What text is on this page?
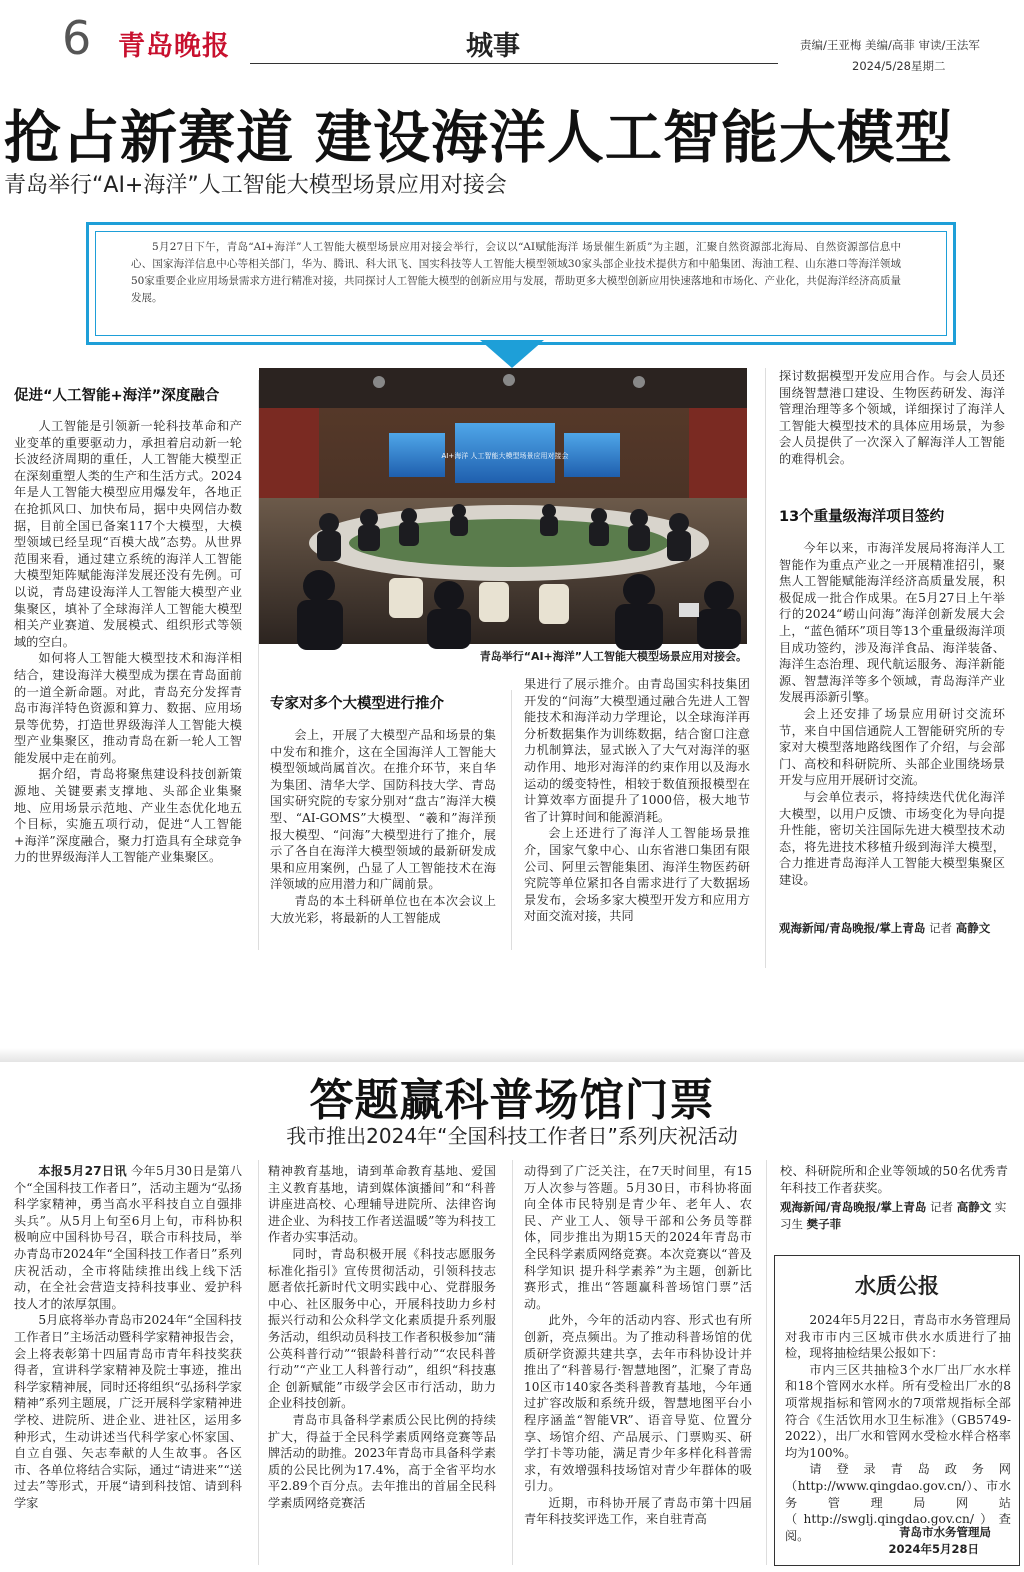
6 青岛晚报	城事	责编/王亚梅 美编/高菲 审读/王法军
2024/5/28星期二
抢占新赛道 建设海洋人工智能大模型
青岛举行“AI+海洋”人工智能大模型场景应用对接会
5月27日下午，青岛“AI+海洋”人工智能大模型场景应用对接会举行，会议以“AI赋能海洋 场景催生新质”为主题，汇聚自然资源部北海局、自然资源部信息中心、国家海洋信息中心等相关部门，华为、腾讯、科大讯飞、国实科技等人工智能大模型领域30家头部企业技术提供方和中船集团、海油工程、山东港口等海洋领域50家重要企业应用场景需求方进行精准对接，共同探讨人工智能大模型的创新应用与发展，帮助更多大模型创新应用快速落地和市场化、产业化，共促海洋经济高质量发展。
促进“人工智能+海洋”深度融合

人工智能是引领新一轮科技革命和产业变革的重要驱动力，承担着启动新一轮长波经济周期的重任，人工智能大模型正在深刻重塑人类的生产和生活方式。2024年是人工智能大模型应用爆发年，各地正在抢抓风口、加快布局，据中央网信办数据，目前全国已备案117个大模型，大模型领域已经呈现“百模大战”态势。从世界范围来看，通过建立系统的海洋人工智能大模型矩阵赋能海洋发展还没有先例。可以说，青岛建设海洋人工智能大模型产业集聚区，填补了全球海洋人工智能大模型相关产业赛道、发展模式、组织形式等领域的空白。

如何将人工智能大模型技术和海洋相结合，建设海洋大模型成为摆在青岛面前的一道全新命题。对此，青岛充分发挥青岛市海洋特色资源和算力、数据、应用场景等优势，打造世界级海洋人工智能大模型产业集聚区，推动青岛在新一轮人工智能发展中走在前列。

据介绍，青岛将聚焦建设科技创新策源地、关键要素支撑地、头部企业集聚地、应用场景示范地、产业生态优化地五个目标，实施五项行动，促进“人工智能+海洋”深度融合，聚力打造具有全球竞争力的世界级海洋人工智能产业集聚区。

AI+海洋 人工智能大模型场景应用对接会
青岛举行“AI+海洋”人工智能大模型场景应用对接会。
专家对多个大模型进行推介

会上，开展了大模型产品和场景的集中发布和推介，这在全国海洋人工智能大模型领域尚属首次。在推介环节，来自华为集团、清华大学、国防科技大学、青岛国实研究院的专家分别对“盘古”海洋大模型、“AI-GOMS”大模型、“羲和”海洋预报大模型、“问海”大模型进行了推介，展示了各自在海洋大模型领域的最新研发成果和应用案例，凸显了人工智能技术在海洋领域的应用潜力和广阔前景。

青岛的本土科研单位也在本次会议上大放光彩，将最新的人工智能成

果进行了展示推介。由青岛国实科技集团开发的“问海”大模型通过融合先进人工智能技术和海洋动力学理论，以全球海洋再分析数据集作为训练数据，结合窗口注意力机制算法，显式嵌入了大气对海洋的驱动作用、地形对海洋的约束作用以及海水运动的缓变特性，相较于数值预报模型在计算效率方面提升了1000倍，极大地节省了计算时间和能源消耗。

会上还进行了海洋人工智能场景推介，国家气象中心、山东省港口集团有限公司、阿里云智能集团、海洋生物医药研究院等单位紧扣各自需求进行了大数据场景发布，会场多家大模型开发方和应用方对面交流对接，共同

探讨数据模型开发应用合作。与会人员还围绕智慧港口建设、生物医药研发、海洋管理治理等多个领域，详细探讨了海洋人工智能大模型技术的具体应用场景，为参会人员提供了一次深入了解海洋人工智能的难得机会。

13个重量级海洋项目签约

今年以来，市海洋发展局将海洋人工智能作为重点产业之一开展精准招引，聚焦人工智能赋能海洋经济高质量发展，积极促成一批合作成果。在5月27日上午举行的2024“崂山问海”海洋创新发展大会上，“蓝色循环”项目等13个重量级海洋项目成功签约，涉及海洋食品、海洋装备、海洋生态治理、现代航运服务、海洋新能源、智慧海洋等多个领域，青岛海洋产业发展再添新引擎。

会上还安排了场景应用研讨交流环节，来自中国信通院人工智能研究所的专家对大模型落地路线图作了介绍，与会部门、高校和科研院所、头部企业围绕场景开发与应用开展研讨交流。

与会单位表示，将持续迭代优化海洋大模型，以用户反馈、市场变化为导向提升性能，密切关注国际先进大模型技术动态，将先进技术移植升级到海洋大模型，合力推进青岛海洋人工智能大模型集聚区建设。

观海新闻/青岛晚报/掌上青岛 记者 高静文
答题赢科普场馆门票
我市推出2024年“全国科技工作者日”系列庆祝活动

本报5月27日讯 今年5月30日是第八个“全国科技工作者日”，活动主题为“弘扬科学家精神，勇当高水平科技自立自强排头兵”。从5月上旬至6月上旬，市科协积极响应中国科协号召，联合市科技局，举办青岛市2024年“全国科技工作者日”系列庆祝活动，全市将陆续推出线上线下活动，在全社会营造支持科技事业、爱护科技人才的浓厚氛围。

5月底将举办青岛市2024年“全国科技工作者日”主场活动暨科学家精神报告会，会上将表彰第十四届青岛市青年科技奖获得者，宣讲科学家精神及院士事迹，推出科学家精神展，同时还将组织“弘扬科学家精神”系列主题展，广泛开展科学家精神进学校、进院所、进企业、进社区，运用多种形式，生动讲述当代科学家心怀家国、自立自强、矢志奉献的人生故事。各区市、各单位将结合实际，通过“请进来”“送过去”等形式，开展“请到科技馆、请到科学家

精神教育基地，请到革命教育基地、爱国主义教育基地，请到媒体演播间”和“科普讲座进高校、心理辅导进院所、法律咨询进企业、为科技工作者送温暖”等为科技工作者办实事活动。

同时，青岛积极开展《科技志愿服务标准化指引》宣传贯彻活动，引领科技志愿者依托新时代文明实践中心、党群服务中心、社区服务中心，开展科技助力乡村振兴行动和公众科学文化素质提升系列服务活动，组织动员科技工作者积极参加“蒲公英科普行动”“银龄科普行动”“农民科普行动”“产业工人科普行动”，组织“科技惠企 创新赋能”市级学会区市行活动，助力企业科技创新。

青岛市具备科学素质公民比例的持续扩大，得益于全民科学素质网络竞赛等品牌活动的助推。2023年青岛市具备科学素质的公民比例为17.4%，高于全省平均水平2.89个百分点。去年推出的首届全民科学素质网络竞赛活

动得到了广泛关注，在7天时间里，有15万人次参与答题。5月30日，市科协将面向全体市民特别是青少年、老年人、农民、产业工人、领导干部和公务员等群体，同步推出为期15天的2024年青岛市全民科学素质网络竞赛。本次竞赛以“普及科学知识 提升科学素养”为主题，创新比赛形式，推出“答题赢科普场馆门票”活动。

此外，今年的活动内容、形式也有所创新，亮点频出。为了推动科普场馆的优质研学资源共建共享，去年市科协设计并推出了“科普易行·智慧地图”，汇聚了青岛10区市140家各类科普教育基地，今年通过扩容改版和系统升级，智慧地图平台小程序涵盖“智能VR”、语音导览、位置分享、场馆介绍、产品展示、门票购买、研学打卡等功能，满足青少年多样化科普需求，有效增强科技场馆对青少年群体的吸引力。

近期，市科协开展了青岛市第十四届青年科技奖评选工作，来自驻青高

校、科研院所和企业等领域的50名优秀青年科技工作者获奖。

观海新闻/青岛晚报/掌上青岛 记者 高静文 实习生 樊子菲
水质公报

2024年5月22日，青岛市水务管理局对我市市内三区城市供水水质进行了抽检，现将抽检结果公报如下：

市内三区共抽检3个水厂出厂水水样和18个管网水水样。所有受检出厂水的8项常规指标和管网水的7项常规指标全部符合《生活饮用水卫生标准》（GB5749-2022），出厂水和管网水受检水样合格率均为100%。

请登录青岛政务网（http://www.qingdao.gov.cn/）、市水务管理局网站（http://swglj.qingdao.gov.cn/）查阅。	青岛市水务管理局
2024年5月28日
